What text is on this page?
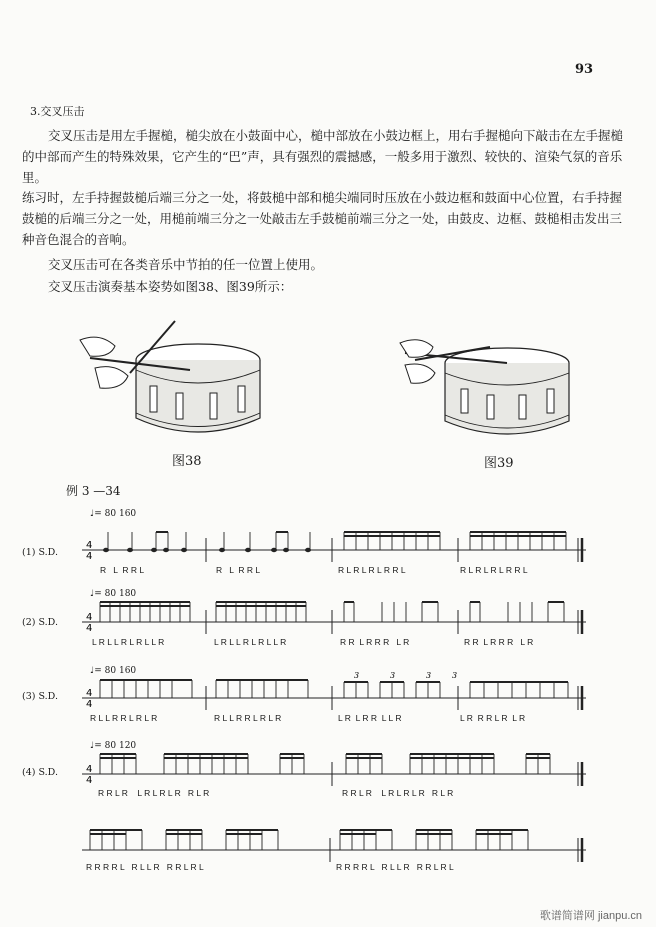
93
3.交叉压击
交叉压击是用左手握槌，槌尖放在小鼓面中心，槌中部放在小鼓边框上，用右手握槌向下敲击在左手握槌的中部而产生的特殊效果，它产生的“巴”声，具有强烈的震撼感，一般多用于激烈、较快的、渲染气氛的音乐里。
练习时，左手持握鼓槌后端三分之一处，将鼓槌中部和槌尖端同时压放在小鼓边框和鼓面中心位置，右手持握鼓槌的后端三分之一处，用槌前端三分之一处敲击左手鼓槌前端三分之一处，由鼓皮、边框、鼓槌相击发出三种音色混合的音响。
交叉压击可在各类音乐中节拍的任一位置上使用。
交叉压击演奏基本姿势如图38、图39所示：
图38	图39
例 3 —34
♩= 80 160
(1) S.D.
4
4
R   L  R R L	R   L  R R L	R L R L R L R R L	R L R L R L R R L
♩= 80 180
(2) S.D.	4
4
L R L L R L R L L R	L R L L R L R L L R	R R  L R R R   L R	R R  L R R R   L R
♩= 80 160
(3) S.D.	4
4
3	3	3	3
R L L R R L R L R	R L L R R L R L R	L R  L R R  L L R	L R  R R L R  L R
♩= 80 120
(4) S.D.	4
4
R R L R    L R L R L R   R L R	R R L R    L R L R L R   R L R
R R R R L   R L L R   R R L R L	R R R R L   R L L R   R R L R L
歌谱简谱网 jianpu.cn
